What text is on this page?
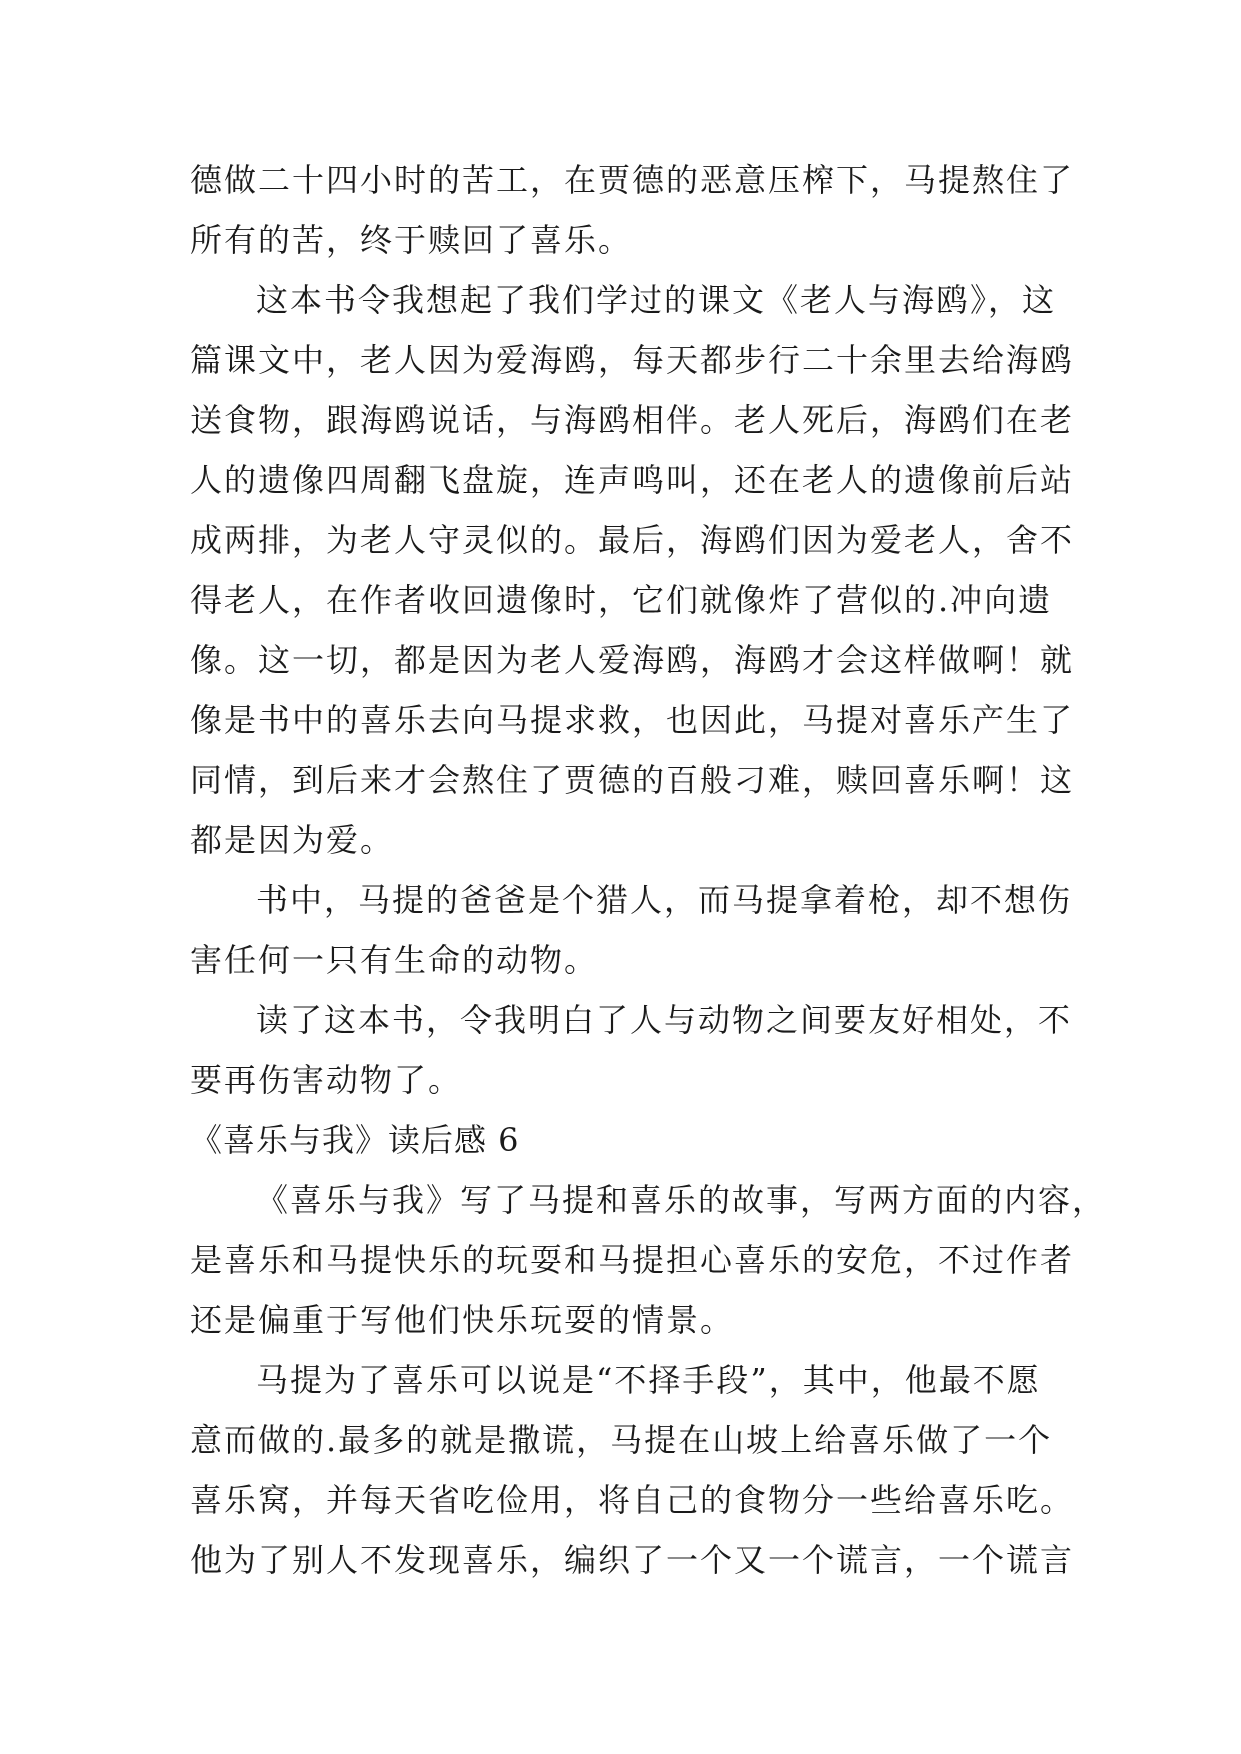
德做二十四小时的苦工，在贾德的恶意压榨下，马提熬住了
所有的苦，终于赎回了喜乐。
这本书令我想起了我们学过的课文《老人与海鸥》，这
篇课文中，老人因为爱海鸥，每天都步行二十余里去给海鸥
送食物，跟海鸥说话，与海鸥相伴。老人死后，海鸥们在老
人的遗像四周翻飞盘旋，连声鸣叫，还在老人的遗像前后站
成两排，为老人守灵似的。最后，海鸥们因为爱老人，舍不
得老人，在作者收回遗像时，它们就像炸了营似的.冲向遗
像。这一切，都是因为老人爱海鸥，海鸥才会这样做啊！就
像是书中的喜乐去向马提求救，也因此，马提对喜乐产生了
同情，到后来才会熬住了贾德的百般刁难，赎回喜乐啊！这
都是因为爱。
书中，马提的爸爸是个猎人，而马提拿着枪，却不想伤
害任何一只有生命的动物。
读了这本书，令我明白了人与动物之间要友好相处，不
要再伤害动物了。
《喜乐与我》读后感 6
《喜乐与我》写了马提和喜乐的故事，写两方面的内容，
是喜乐和马提快乐的玩耍和马提担心喜乐的安危，不过作者
还是偏重于写他们快乐玩耍的情景。
马提为了喜乐可以说是“不择手段”，其中，他最不愿
意而做的.最多的就是撒谎，马提在山坡上给喜乐做了一个
喜乐窝，并每天省吃俭用，将自己的食物分一些给喜乐吃。
他为了别人不发现喜乐，编织了一个又一个谎言，一个谎言
